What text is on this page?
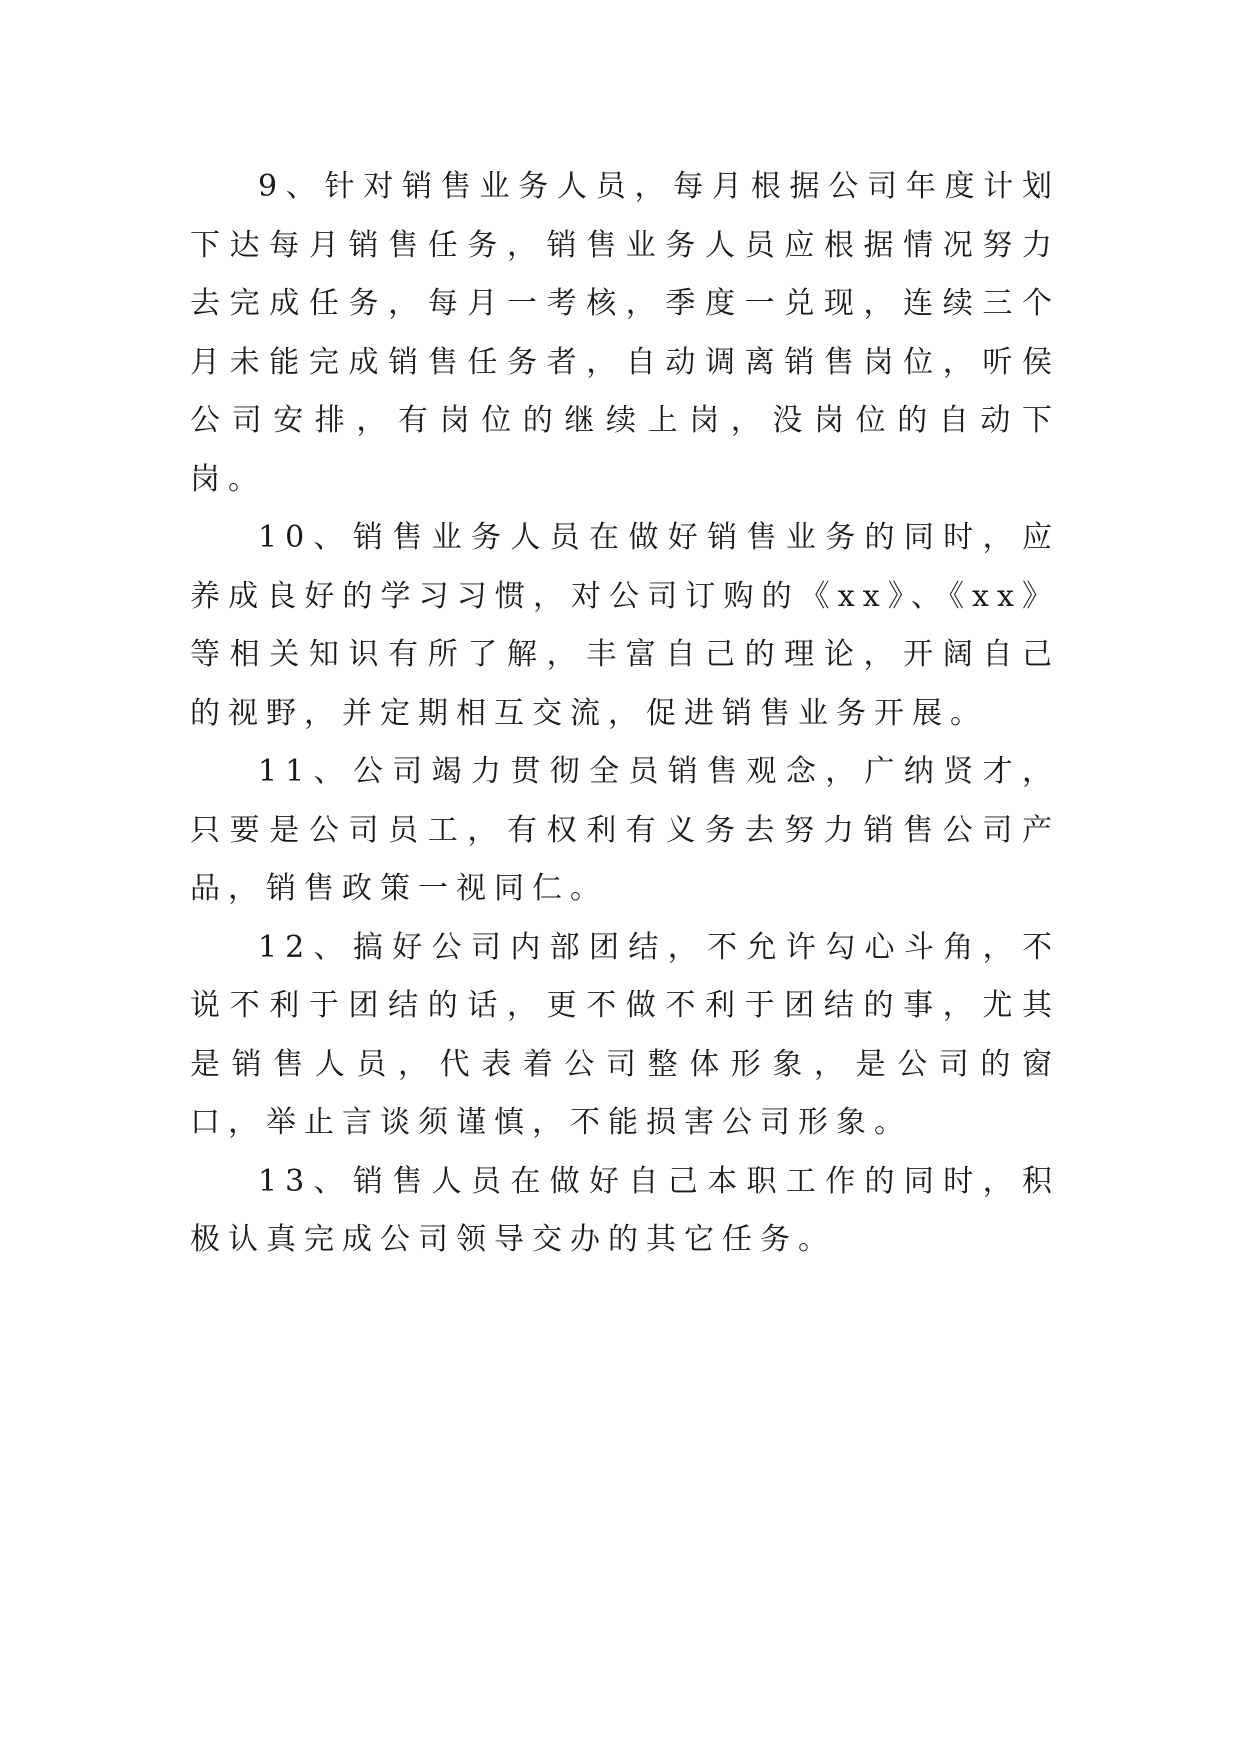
9、针对销售业务人员，每月根据公司年度计划下达每月销售任务，销售业务人员应根据情况努力去完成任务，每月一考核，季度一兑现，连续三个月未能完成销售任务者，自动调离销售岗位，听侯公司安排，有岗位的继续上岗，没岗位的自动下岗。

10、销售业务人员在做好销售业务的同时，应养成良好的学习习惯，对公司订购的《xx》、《xx》等相关知识有所了解，丰富自己的理论，开阔自己的视野，并定期相互交流，促进销售业务开展。

11、公司竭力贯彻全员销售观念，广纳贤才，只要是公司员工，有权利有义务去努力销售公司产品，销售政策一视同仁。

12、搞好公司内部团结，不允许勾心斗角，不说不利于团结的话，更不做不利于团结的事，尤其是销售人员，代表着公司整体形象，是公司的窗口，举止言谈须谨慎，不能损害公司形象。

13、销售人员在做好自己本职工作的同时，积极认真完成公司领导交办的其它任务。
